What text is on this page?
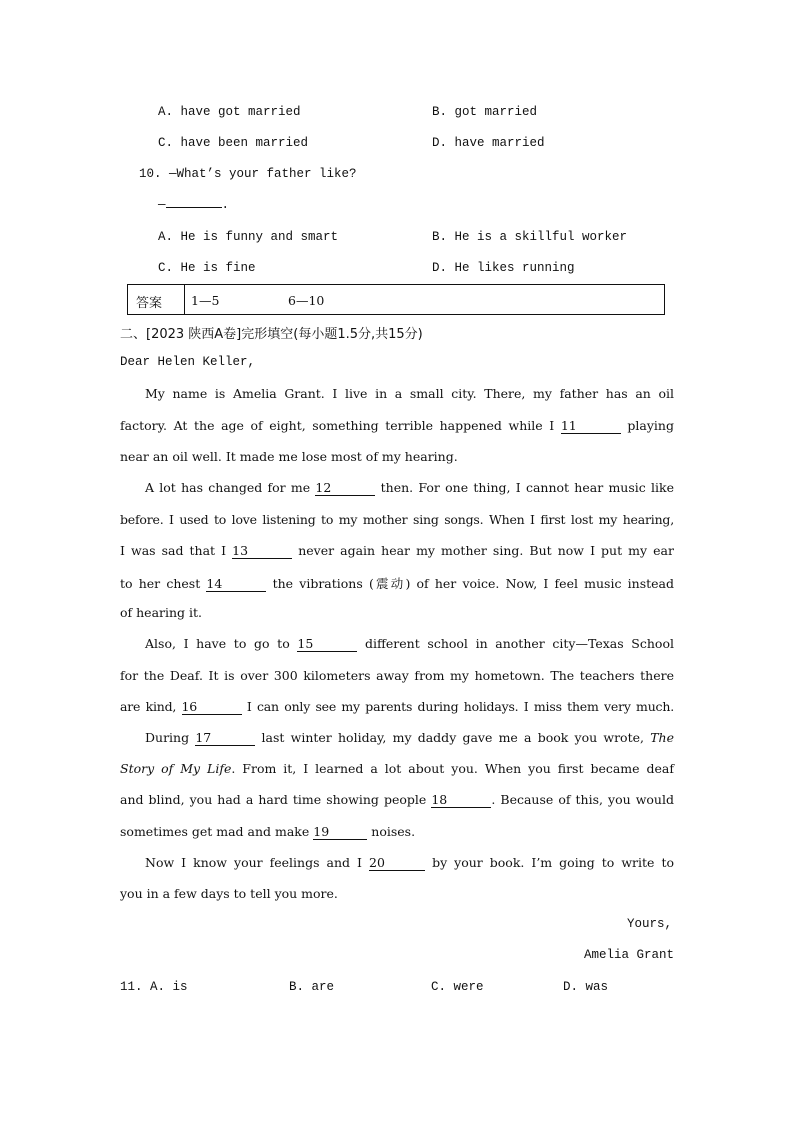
A. have got married	B. got married
C. have been married	D. have married
10. —What’s your father like?
—	.
A. He is funny and smart	B. He is a skillful worker
C. He is fine	D. He likes running
答案 1—5	6—10
二、[2023 陕西A卷]完形填空(每小题1.5分,共15分)
Dear Helen Keller,
My name is Amelia Grant. I live in a small city. There, my father has an oil
factory. At the age of eight, something terrible happened while I 11	playing
near an oil well. It made me lose most of my hearing.
A lot has changed for me 12	then. For one thing, I cannot hear music like
before. I used to love listening to my mother sing songs. When I first lost my hearing,
I was sad that I 13	never again hear my mother sing. But now I put my ear
to her chest 14	the vibrations (震动) of her voice. Now, I feel music instead
of hearing it.
Also, I have to go to 15	different school in another city—Texas School
for the Deaf. It is over 300 kilometers away from my hometown. The teachers there
are kind, 16	I can only see my parents during holidays. I miss them very much.
During 17	last winter holiday, my daddy gave me a book you wrote, The
Story of My Life. From it, I learned a lot about you. When you first became deaf
and blind, you had a hard time showing people 18	. Because of this, you would
sometimes get mad and make 19	noises.
Now I know your feelings and I 20	by your book. I’m going to write to
you in a few days to tell you more.
Yours,
Amelia Grant
11. A. is	B. are	C. were	D. was
